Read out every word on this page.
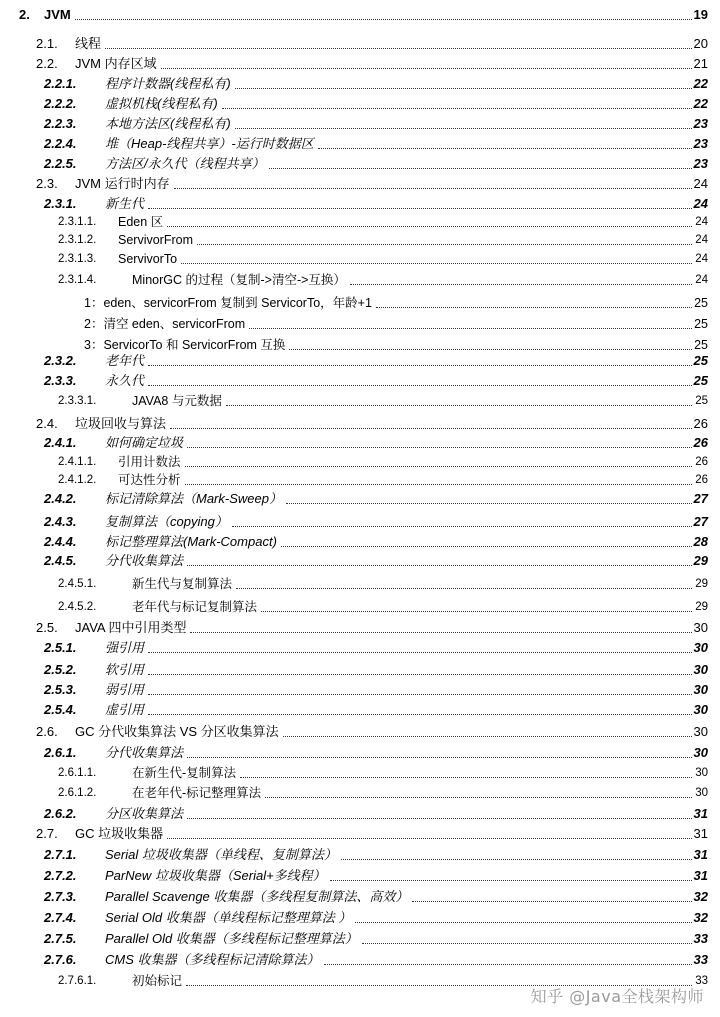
2. JVM	19
2.1. 线程	20
2.2. JVM 内存区域	21
2.2.1. 程序计数器(线程私有)	22
2.2.2. 虚拟机栈(线程私有)	22
2.2.3. 本地方法区(线程私有)	23
2.2.4. 堆（Heap-线程共享）-运行时数据区	23
2.2.5. 方法区/永久代（线程共享）	23
2.3. JVM 运行时内存	24
2.3.1. 新生代	24
2.3.1.1. Eden 区	24
2.3.1.2. ServivorFrom	24
2.3.1.3. ServivorTo	24
2.3.1.4.	MinorGC 的过程（复制->清空->互换）	24
1：eden、servicorFrom 复制到 ServicorTo，年龄+1	25
2：清空 eden、servicorFrom	25
3：ServicorTo 和 ServicorFrom 互换	25
2.3.2. 老年代	25
2.3.3. 永久代	25
2.3.3.1.	JAVA8 与元数据	25
2.4. 垃圾回收与算法	26
2.4.1. 如何确定垃圾	26
2.4.1.1. 引用计数法	26
2.4.1.2. 可达性分析	26
2.4.2. 标记清除算法（Mark-Sweep）	27
2.4.3. 复制算法（copying）	27
2.4.4. 标记整理算法(Mark-Compact)	28
2.4.5. 分代收集算法	29
2.4.5.1.	新生代与复制算法	29
2.4.5.2.	老年代与标记复制算法	29
2.5. JAVA 四中引用类型	30
2.5.1. 强引用	30
2.5.2. 软引用	30
2.5.3. 弱引用	30
2.5.4. 虚引用	30
2.6. GC 分代收集算法 VS 分区收集算法	30
2.6.1. 分代收集算法	30
2.6.1.1.	在新生代-复制算法	30
2.6.1.2.	在老年代-标记整理算法	30
2.6.2. 分区收集算法	31
2.7. GC 垃圾收集器	31
2.7.1. Serial 垃圾收集器（单线程、复制算法）	31
2.7.2. ParNew 垃圾收集器（Serial+多线程）	31
2.7.3. Parallel Scavenge 收集器（多线程复制算法、高效）	32
2.7.4. Serial Old 收集器（单线程标记整理算法 ）	32
2.7.5. Parallel Old 收集器（多线程标记整理算法）	33
2.7.6. CMS 收集器（多线程标记清除算法）	33
2.7.6.1.	初始标记	33
知乎 @Java全栈架构师
